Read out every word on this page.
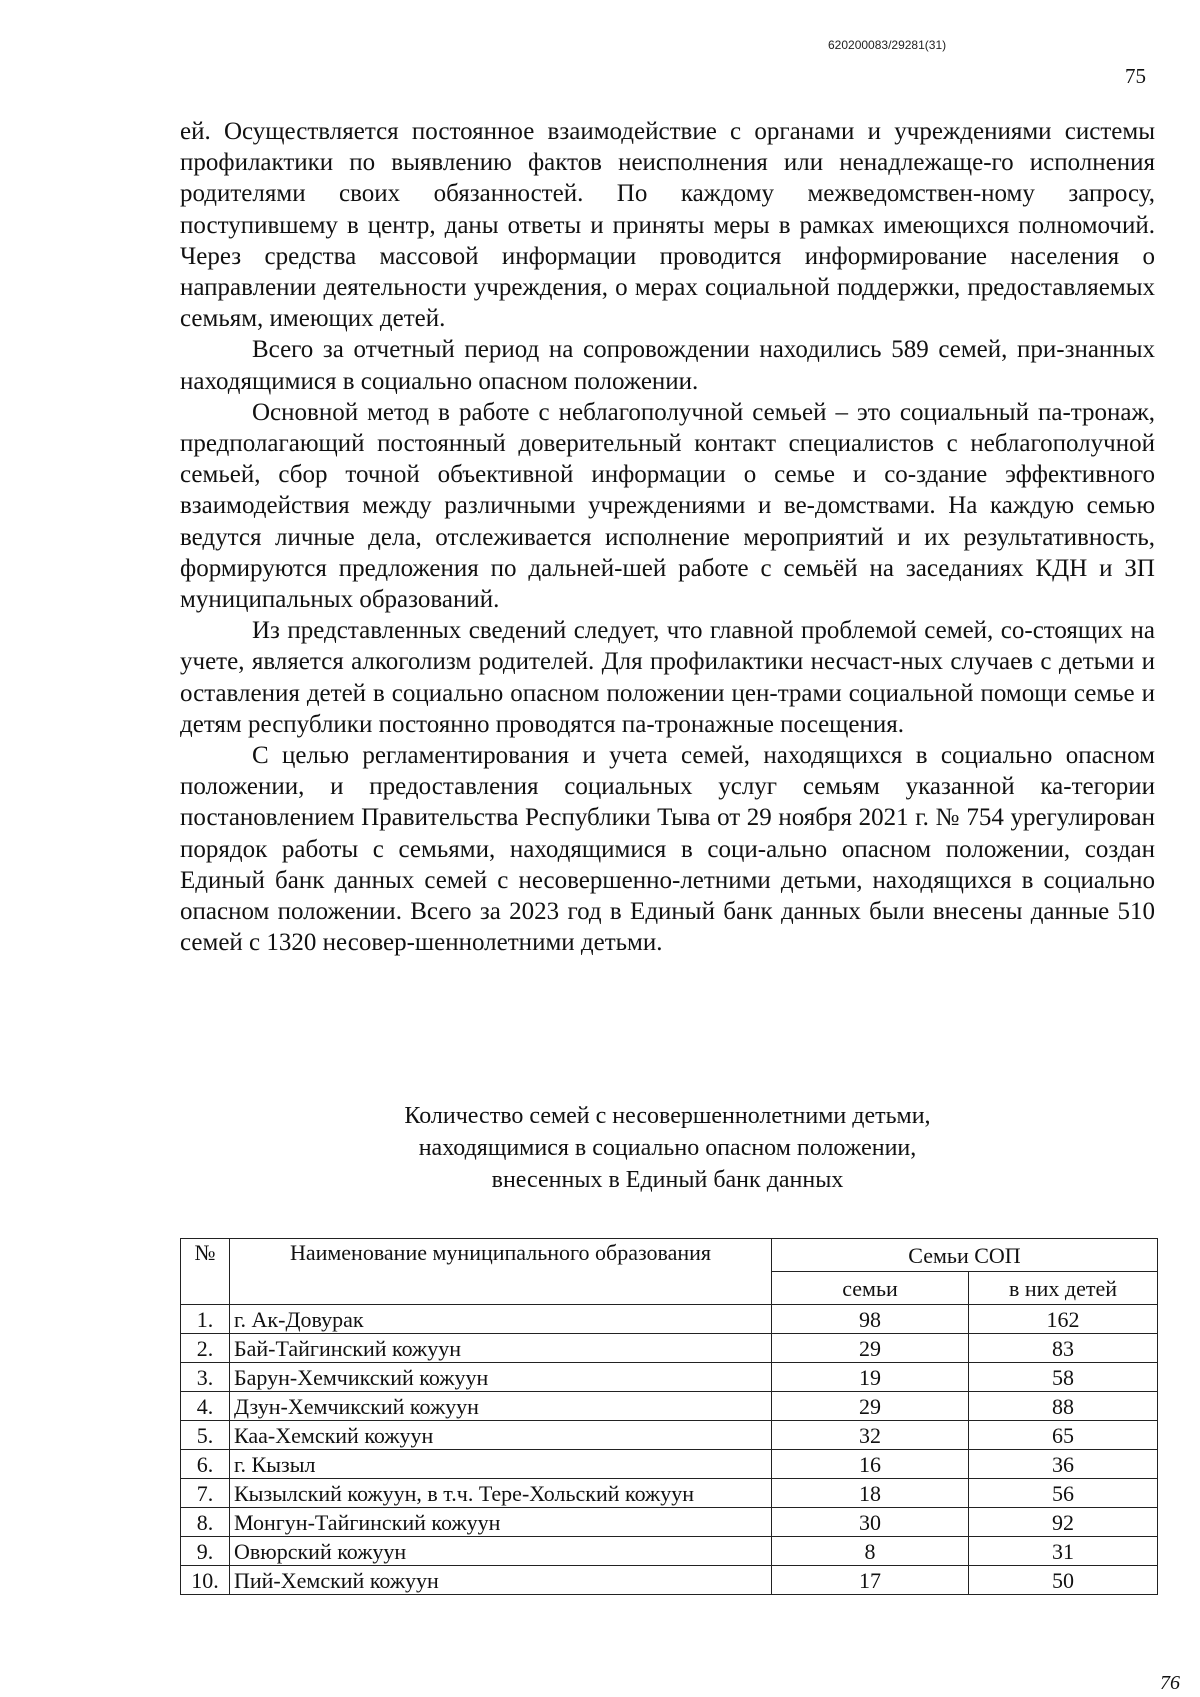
620200083/29281(31)
75

ей. Осуществляется постоянное взаимодействие с органами и учреждениями системы профилактики по выявлению фактов неисполнения или ненадлежаще-го исполнения родителями своих обязанностей. По каждому межведомствен-ному запросу, поступившему в центр, даны ответы и приняты меры в рамках имеющихся полномочий. Через средства массовой информации проводится информирование населения о направлении деятельности учреждения, о мерах социальной поддержки, предоставляемых семьям, имеющих детей.

Всего за отчетный период на сопровождении находились 589 семей, при-знанных находящимися в социально опасном положении.

Основной метод в работе с неблагополучной семьей – это социальный па-тронаж, предполагающий постоянный доверительный контакт специалистов с неблагополучной семьей, сбор точной объективной информации о семье и со-здание эффективного взаимодействия между различными учреждениями и ве-домствами. На каждую семью ведутся личные дела, отслеживается исполнение мероприятий и их результативность, формируются предложения по дальней-шей работе с семьёй на заседаниях КДН и ЗП муниципальных образований.

Из представленных сведений следует, что главной проблемой семей, со-стоящих на учете, является алкоголизм родителей. Для профилактики несчаст-ных случаев с детьми и оставления детей в социально опасном положении цен-трами социальной помощи семье и детям республики постоянно проводятся па-тронажные посещения.

С целью регламентирования и учета семей, находящихся в социально опасном положении, и предоставления социальных услуг семьям указанной ка-тегории постановлением Правительства Республики Тыва от 29 ноября 2021 г. № 754 урегулирован порядок работы с семьями, находящимися в соци-ально опасном положении, создан Единый банк данных семей с несовершенно-летними детьми, находящихся в социально опасном положении. Всего за 2023 год в Единый банк данных были внесены данные 510 семей с 1320 несовер-шеннолетними детьми.

Количество семей с несовершеннолетними детьми,
находящимися в социально опасном положении,
внесенных в Единый банк данных
№	Наименование муниципального образования	Семьи СОП	
		семьи	в них детей
1.	г. Ак-Довурак	98	162
2.	Бай-Тайгинский кожуун	29	83
3.	Барун-Хемчикский кожуун	19	58
4.	Дзун-Хемчикский кожуун	29	88
5.	Каа-Хемский кожуун	32	65
6.	г. Кызыл	16	36
7.	Кызылский кожуун, в т.ч. Тере-Хольский кожуун	18	56
8.	Монгун-Тайгинский кожуун	30	92
9.	Овюрский кожуун	8	31
10.	Пий-Хемский кожуун	17	50
76
